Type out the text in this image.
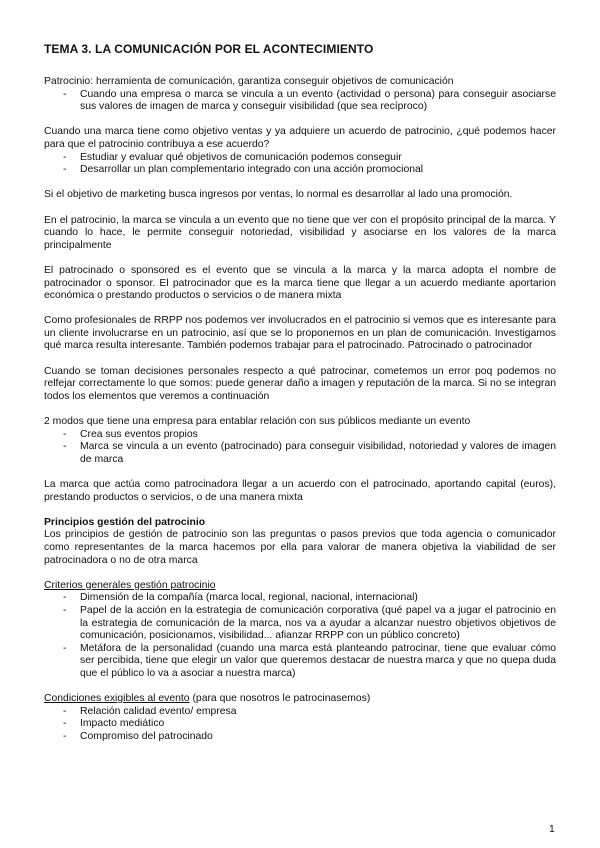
TEMA 3. LA COMUNICACIÓN POR EL ACONTECIMIENTO

Patrocinio: herramienta de comunicación, garantiza conseguir objetivos de comunicación

- Cuando una empresa o marca se vincula a un evento (actividad o persona) para conseguir asociarse sus valores de imagen de marca y conseguir visibilidad (que sea recíproco)

Cuando una marca tiene como objetivo ventas y ya adquiere un acuerdo de patrocinio, ¿qué podemos hacer para que el patrocinio contribuya a ese acuerdo?

- Estudiar y evaluar qué objetivos de comunicación podemos conseguir
- Desarrollar un plan complementario integrado con una acción promocional

Si el objetivo de marketing busca ingresos por ventas, lo normal es desarrollar al lado una promoción.

En el patrocinio, la marca se vincula a un evento que no tiene que ver con el propósito principal de la marca. Y cuando lo hace, le permite conseguir notoriedad, visibilidad y asociarse en los valores de la marca principalmente

El patrocinado o sponsored es el evento que se vincula a la marca y la marca adopta el nombre de patrocinador o sponsor. El patrocinador que es la marca tiene que llegar a un acuerdo mediante aportarion económica o prestando productos o servicios o de manera mixta

Como profesionales de RRPP nos podemos ver involucrados en el patrocinio si vemos que es interesante para un cliente involucrarse en un patrocinio, así que se lo proponemos en un plan de comunicación. Investigamos qué marca resulta interesante. También podemos trabajar para el patrocinado. Patrocinado o patrocinador

Cuando se toman decisiones personales respecto a qué patrocinar, cometemos un error poq podemos no relfejar correctamente lo que somos: puede generar daño a imagen y reputación de la marca. Si no se integran todos los elementos que veremos a continuación

2 modos que tiene una empresa para entablar relación con sus públicos mediante un evento

- Crea sus eventos propios
- Marca se vincula a un evento (patrocinado) para conseguir visibilidad, notoriedad y valores de imagen de marca

La marca que actúa como patrocinadora llegar a un acuerdo con el patrocinado, aportando capital (euros), prestando productos o servicios, o de una manera mixta

Principios gestión del patrocinio

Los principios de gestión de patrocinio son las preguntas o pasos previos que toda agencia o comunicador como representantes de la marca hacemos por ella para valorar de manera objetiva la viabilidad de ser patrocinadora o no de otra marca

Criterios generales gestión patrocinio

- Dimensión de la compañía (marca local, regional, nacional, internacional)
- Papel de la acción en la estrategia de comunicación corporativa (qué papel va a jugar el patrocinio en la estrategia de comunicación de la marca, nos va a ayudar a alcanzar nuestro objetivos objetivos de comunicación, posicionamos, visibilidad... afianzar RRPP con un público concreto)
- Metáfora de la personalidad (cuando una marca está planteando patrocinar, tiene que evaluar cómo ser percibida, tiene que elegir un valor que queremos destacar de nuestra marca y que no quepa duda que el público lo va a asociar a nuestra marca)

Condiciones exigibles al evento (para que nosotros le patrocinasemos)

- Relación calidad evento/ empresa
- Impacto mediático
- Compromiso del patrocinado
1
